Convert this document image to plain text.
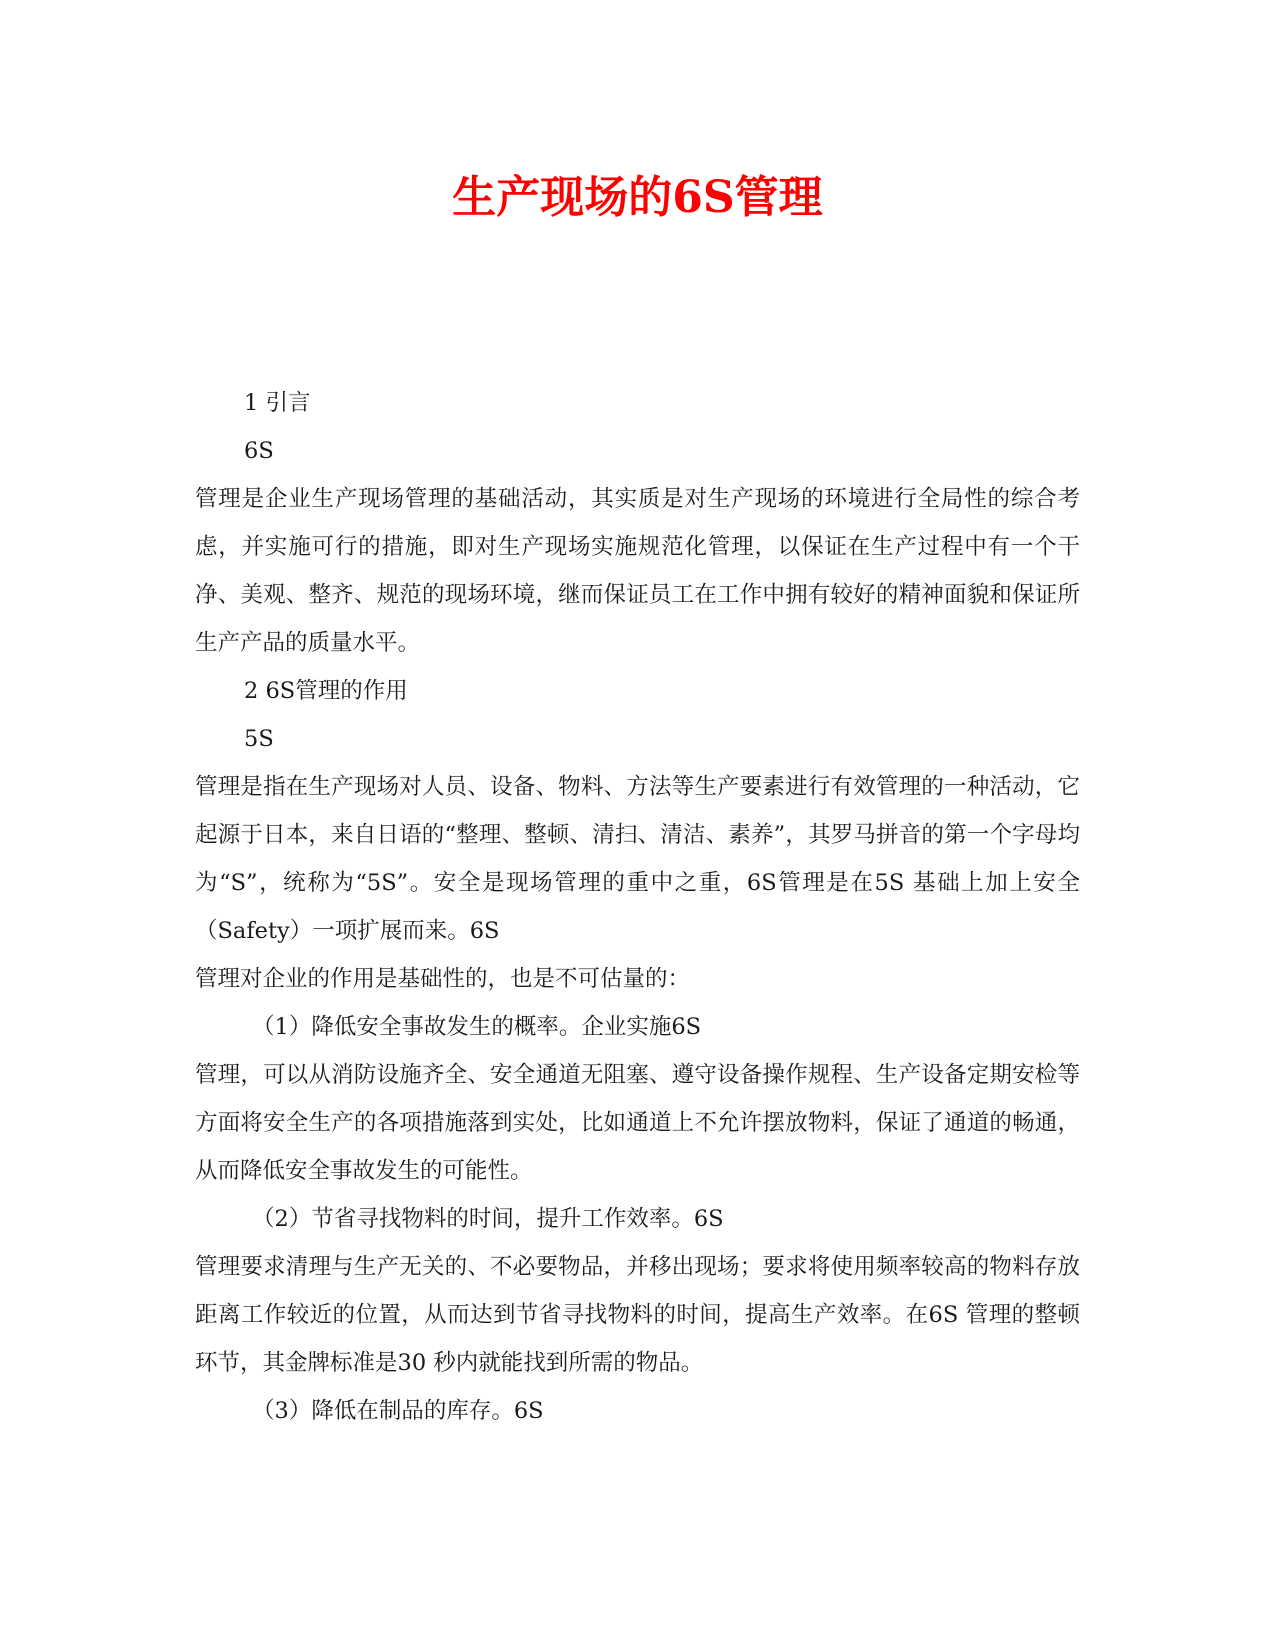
生产现场的6S管理

1 引言

6S

管理是企业生产现场管理的基础活动，其实质是对生产现场的环境进行全局性的综合考虑，并实施可行的措施，即对生产现场实施规范化管理，以保证在生产过程中有一个干净、美观、整齐、规范的现场环境，继而保证员工在工作中拥有较好的精神面貌和保证所生产产品的质量水平。

2 6S管理的作用

5S

管理是指在生产现场对人员、设备、物料、方法等生产要素进行有效管理的一种活动，它起源于日本，来自日语的“整理、整顿、清扫、清洁、素养”，其罗马拼音的第一个字母均为“S”，统称为“5S”。安全是现场管理的重中之重，6S管理是在5S 基础上加上安全（Safety）一项扩展而来。6S

管理对企业的作用是基础性的，也是不可估量的：

（1）降低安全事故发生的概率。企业实施6S

管理，可以从消防设施齐全、安全通道无阻塞、遵守设备操作规程、生产设备定期安检等方面将安全生产的各项措施落到实处，比如通道上不允许摆放物料，保证了通道的畅通，从而降低安全事故发生的可能性。

（2）节省寻找物料的时间，提升工作效率。6S

管理要求清理与生产无关的、不必要物品，并移出现场；要求将使用频率较高的物料存放距离工作较近的位置，从而达到节省寻找物料的时间，提高生产效率。在6S 管理的整顿环节，其金牌标准是30 秒内就能找到所需的物品。

（3）降低在制品的库存。6S
